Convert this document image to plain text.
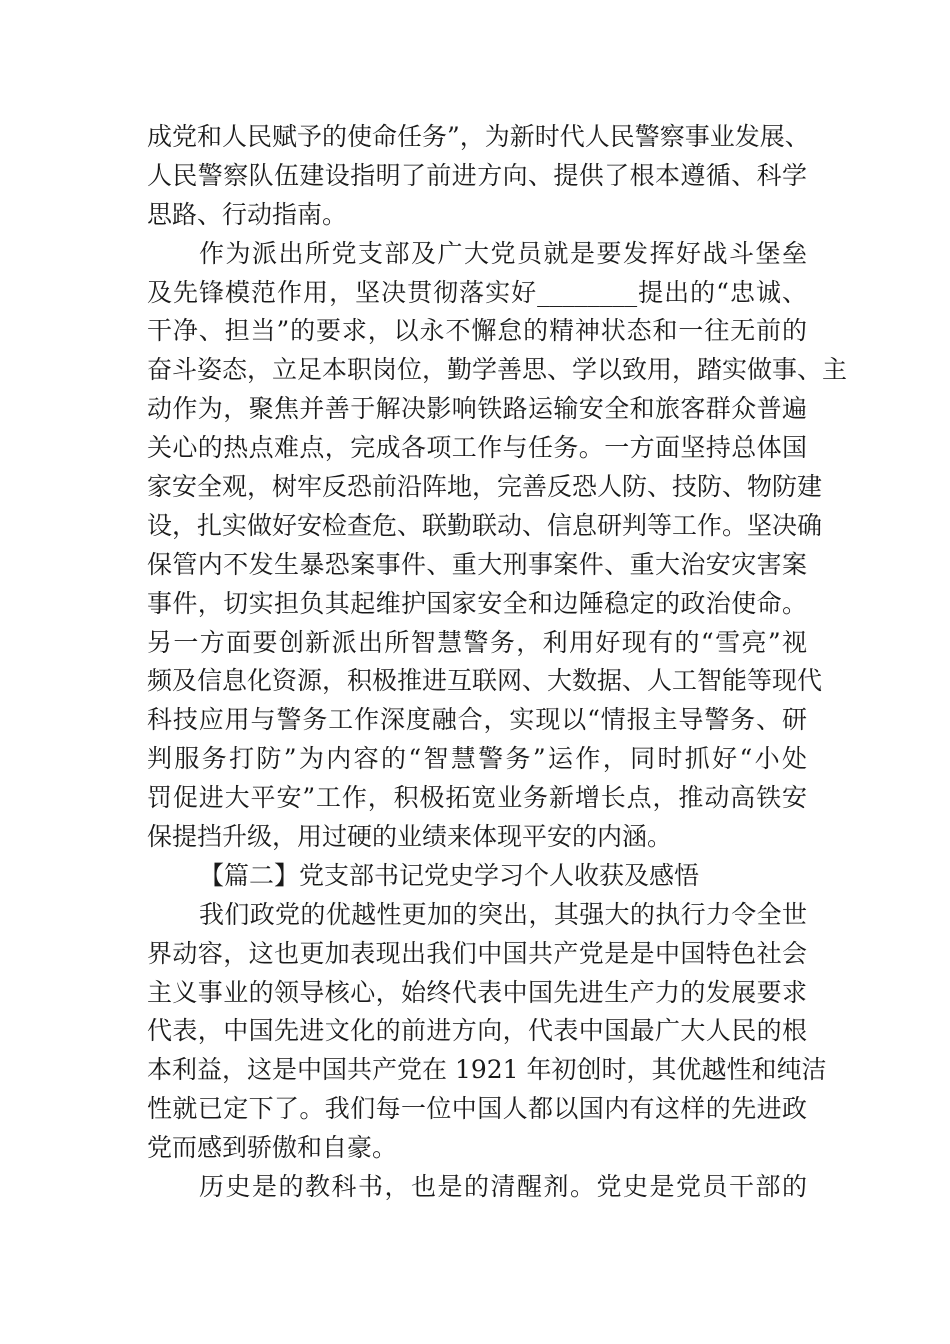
成党和人民赋予的使命任务”，为新时代人民警察事业发展、
人民警察队伍建设指明了前进方向、提供了根本遵循、科学
思路、行动指南。
作为派出所党支部及广大党员就是要发挥好战斗堡垒
及先锋模范作用，坚决贯彻落实好________提出的“忠诚、
干净、担当”的要求，以永不懈怠的精神状态和一往无前的
奋斗姿态，立足本职岗位，勤学善思、学以致用，踏实做事、主
动作为，聚焦并善于解决影响铁路运输安全和旅客群众普遍
关心的热点难点，完成各项工作与任务。一方面坚持总体国
家安全观，树牢反恐前沿阵地，完善反恐人防、技防、物防建
设，扎实做好安检查危、联勤联动、信息研判等工作。坚决确
保管内不发生暴恐案事件、重大刑事案件、重大治安灾害案
事件，切实担负其起维护国家安全和边陲稳定的政治使命。
另一方面要创新派出所智慧警务，利用好现有的“雪亮”视
频及信息化资源，积极推进互联网、大数据、人工智能等现代
科技应用与警务工作深度融合，实现以“情报主导警务、研
判服务打防”为内容的“智慧警务”运作，同时抓好“小处
罚促进大平安”工作，积极拓宽业务新增长点，推动高铁安
保提挡升级，用过硬的业绩来体现平安的内涵。
【篇二】党支部书记党史学习个人收获及感悟
我们政党的优越性更加的突出，其强大的执行力令全世
界动容，这也更加表现出我们中国共产党是是中国特色社会
主义事业的领导核心，始终代表中国先进生产力的发展要求
代表，中国先进文化的前进方向，代表中国最广大人民的根
本利益，这是中国共产党在 1921 年初创时，其优越性和纯洁
性就已定下了。我们每一位中国人都以国内有这样的先进政
党而感到骄傲和自豪。
历史是的教科书，也是的清醒剂。党史是党员干部的
